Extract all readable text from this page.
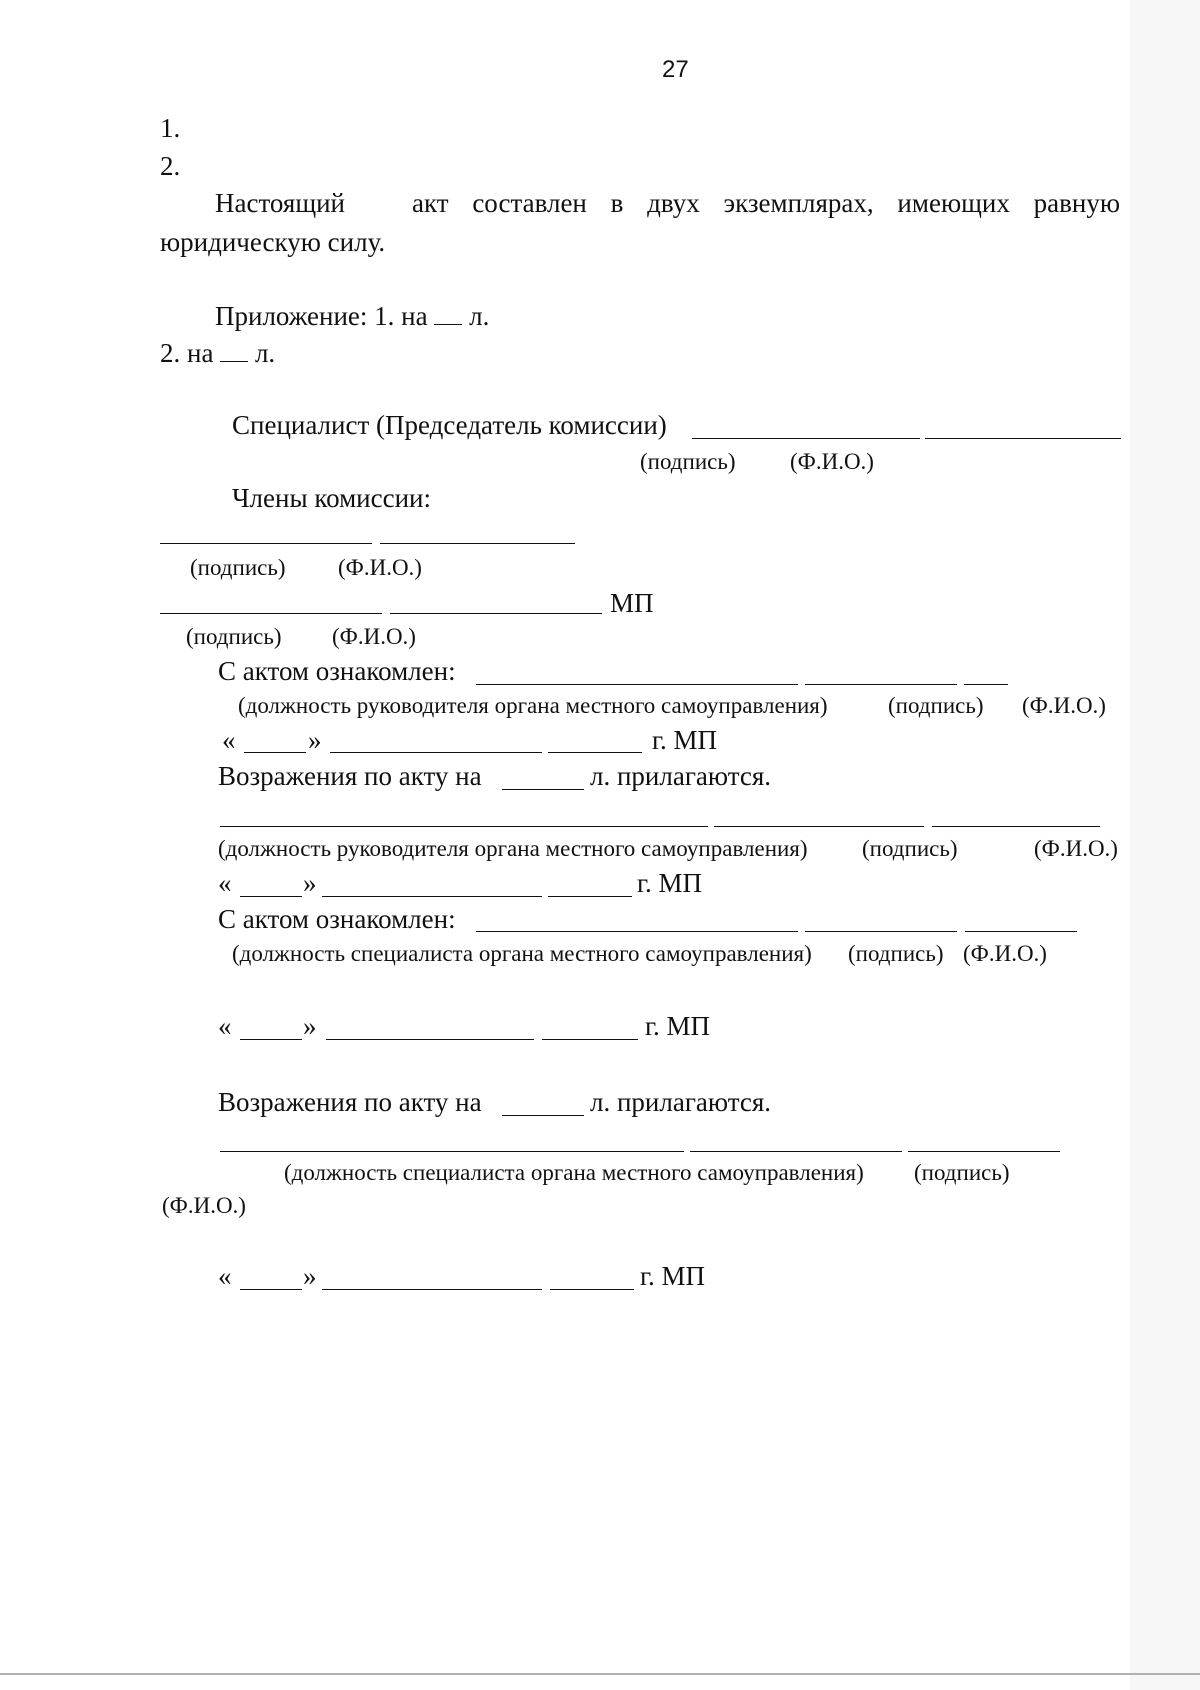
27
1.
2.
Настоящий акт составлен в двух экземплярах, имеющих равную
юридическую силу.
Приложение: 1. на л.
2. на л.
Специалист (Председатель комиссии)
(подпись) (Ф.И.О.)
Члены комиссии:
(подпись) (Ф.И.О.)
МП
(подпись) (Ф.И.О.)
С актом ознакомлен:
(должность руководителя органа местного самоуправления)	(подпись) (Ф.И.О.)
«	»	г. МП
Возражения по акту на	л. прилагаются.
(должность руководителя органа местного самоуправления) (подпись)	(Ф.И.О.)
«	»	г. МП
С актом ознакомлен:
(должность специалиста органа местного самоуправления) (подпись) (Ф.И.О.)
«	»	г. МП
Возражения по акту на	л. прилагаются.
(должность специалиста органа местного самоуправления) (подпись)
(Ф.И.О.)
«	»	г. МП
